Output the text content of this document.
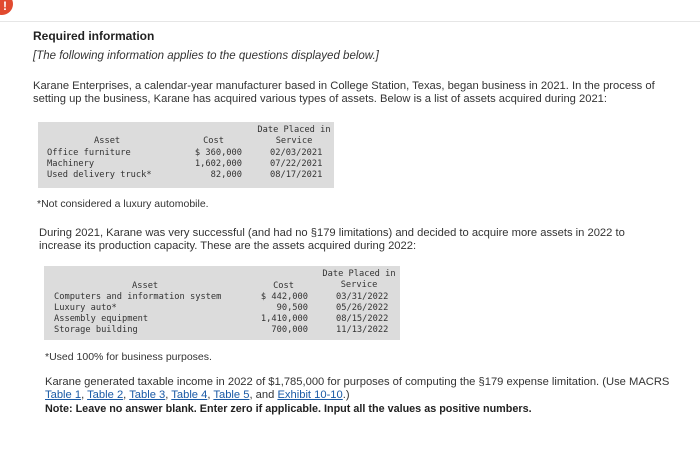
!
Required information
[The following information applies to the questions displayed below.]
Karane Enterprises, a calendar-year manufacturer based in College Station, Texas, began business in 2021. In the process of setting up the business, Karane has acquired various types of assets. Below is a list of assets acquired during 2021:
Date Placed in
Service
Asset	Cost
Office furniture	$ 360,000	02/03/2021
Machinery	1,602,000	07/22/2021
Used delivery truck*	82,000	08/17/2021
*Not considered a luxury automobile.
During 2021, Karane was very successful (and had no §179 limitations) and decided to acquire more assets in 2022 to increase its production capacity. These are the assets acquired during 2022:
Date Placed in
Service
Asset	Cost
Computers and information system	$ 442,000	03/31/2022
Luxury auto*	90,500	05/26/2022
Assembly equipment	1,410,000	08/15/2022
Storage building	700,000	11/13/2022
*Used 100% for business purposes.
Karane generated taxable income in 2022 of $1,785,000 for purposes of computing the §179 expense limitation. (Use MACRS Table 1, Table 2, Table 3, Table 4, Table 5, and Exhibit 10-10.)
Note: Leave no answer blank. Enter zero if applicable. Input all the values as positive numbers.
